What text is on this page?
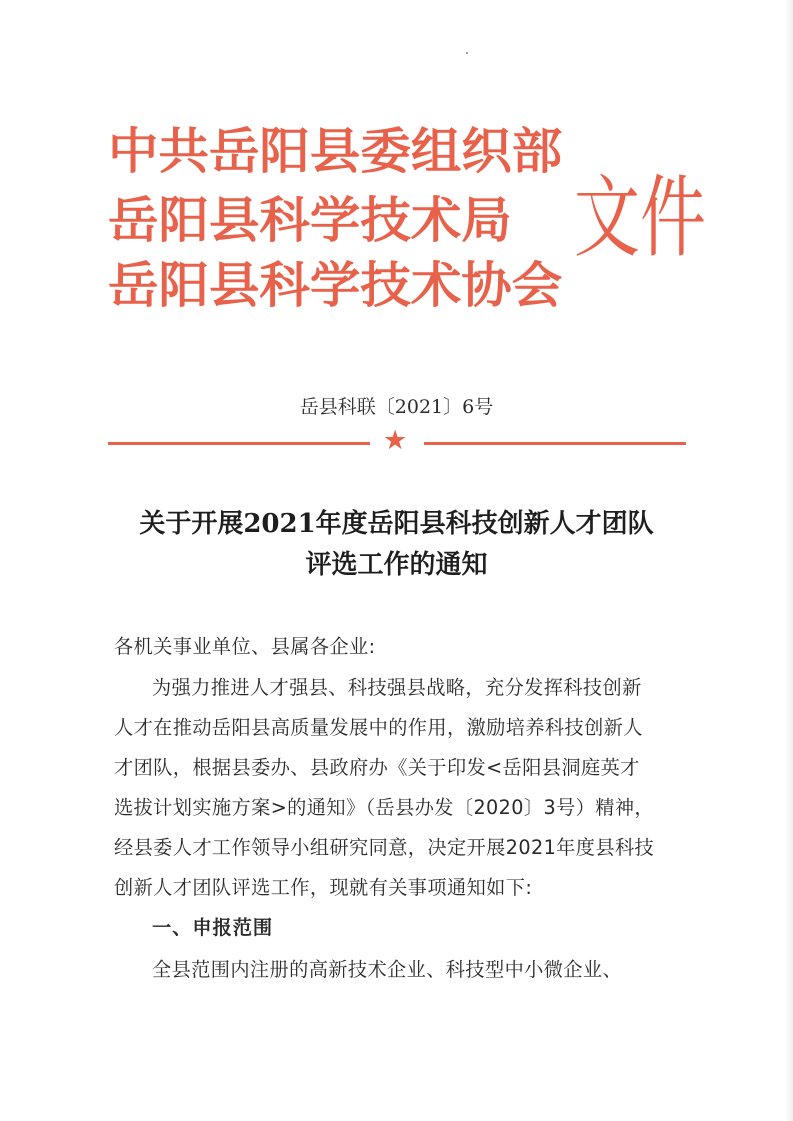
中共岳阳县委组织部
岳阳县科学技术局
岳阳县科学技术协会
文件
岳县科联〔2021〕6号
★
关于开展2021年度岳阳县科技创新人才团队
评选工作的通知
各机关事业单位、县属各企业:
为强力推进人才强县、科技强县战略，充分发挥科技创新
人才在推动岳阳县高质量发展中的作用，激励培养科技创新人
才团队，根据县委办、县政府办《关于印发<岳阳县洞庭英才
选拔计划实施方案>的通知》（岳县办发〔2020〕3号）精神，
经县委人才工作领导小组研究同意，决定开展2021年度县科技
创新人才团队评选工作，现就有关事项通知如下:
一、申报范围
全县范围内注册的高新技术企业、科技型中小微企业、
